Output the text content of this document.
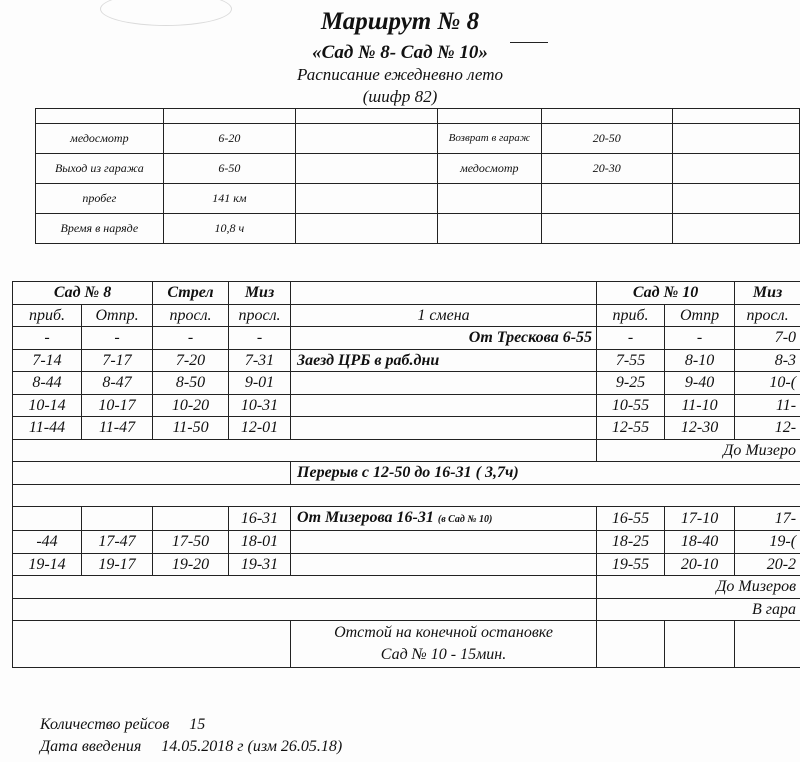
Маршрут № 8
«Сад № 8- Сад № 10»
Расписание ежедневно лето
(шифр 82)

медосмотр	6-20		Возврат в гараж	20-50	
Выход из гаража	6-50		медосмотр	20-30	
пробег	141 км				
Время в наряде	10,8 ч				
Сад № 8		Стрел	Миз		Сад № 10		Миз
приб.	Отпр.	просл.	просл.	1 смена	приб.	Отпр	просл.
-	-	-	-	От Трескова 6-55	-	-	7-0
7-14	7-17	7-20	7-31	Заезд ЦРБ в раб.дни	7-55	8-10	8-3
8-44	8-47	8-50	9-01		9-25	9-40	10-(
10-14	10-17	10-20	10-31		10-55	11-10	11-
11-44	11-47	11-50	12-01		12-55	12-30	12-
						До Мизеро	
				Перерыв с 12-50 до 16-31 ( 3,7ч)			

			16-31	От Мизерова 16-31 (в Сад № 10)	16-55	17-10	17-
-44	17-47	17-50	18-01		18-25	18-40	19-(
19-14	19-17	19-20	19-31		19-55	20-10	20-2
						До Мизеров	
						В гара	

				Отстой на конечной остановке
Сад № 10 - 15мин.			

Количество рейсов 15
Дата введения 14.05.2018 г (изм 26.05.18)
